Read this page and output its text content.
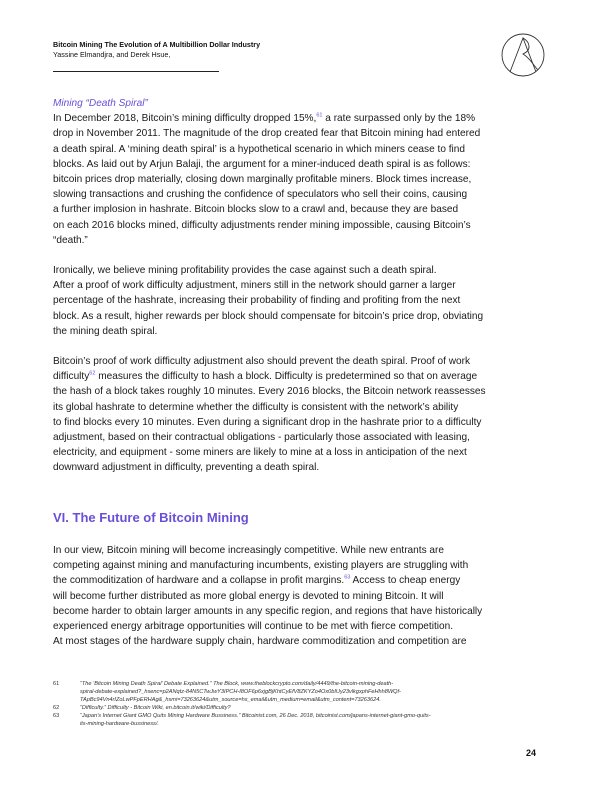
Bitcoin Mining The Evolution of A Multibillion Dollar Industry
Yassine Elmandjra, and Derek Hsue,
Mining “Death Spiral”

In December 2018, Bitcoin’s mining difficulty dropped 15%,$^{61}$ a rate surpassed only by the 18%
drop in November 2011. The magnitude of the drop created fear that Bitcoin mining had entered
a death spiral. A ‘mining death spiral’ is a hypothetical scenario in which miners cease to find
blocks. As laid out by Arjun Balaji, the argument for a miner-induced death spiral is as follows:
bitcoin prices drop materially, closing down marginally profitable miners. Block times increase,
slowing transactions and crushing the confidence of speculators who sell their coins, causing
a further implosion in hashrate. Bitcoin blocks slow to a crawl and, because they are based
on each 2016 blocks mined, difficulty adjustments render mining impossible, causing Bitcoin’s
“death.”

Ironically, we believe mining profitability provides the case against such a death spiral.
After a proof of work difficulty adjustment, miners still in the network should garner a larger
percentage of the hashrate, increasing their probability of finding and profiting from the next
block. As a result, higher rewards per block should compensate for bitcoin’s price drop, obviating
the mining death spiral.

Bitcoin’s proof of work difficulty adjustment also should prevent the death spiral. Proof of work
difficulty$^{62}$ measures the difficulty to hash a block. Difficulty is predetermined so that on average
the hash of a block takes roughly 10 minutes. Every 2016 blocks, the Bitcoin network reassesses
its global hashrate to determine whether the difficulty is consistent with the network’s ability
to find blocks every 10 minutes. Even during a significant drop in the hashrate prior to a difficulty
adjustment, based on their contractual obligations - particularly those associated with leasing,
electricity, and equipment - some miners are likely to mine at a loss in anticipation of the next
downward adjustment in difficulty, preventing a death spiral.

VI. The Future of Bitcoin Mining

In our view, Bitcoin mining will become increasingly competitive. While new entrants are
competing against mining and manufacturing incumbents, existing players are struggling with
the commoditization of hardware and a collapse in profit margins.$^{63}$ Access to cheap energy
will become further distributed as more global energy is devoted to mining Bitcoin. It will
become harder to obtain larger amounts in any specific region, and regions that have historically
experienced energy arbitrage opportunities will continue to be met with fierce competition.
At most stages of the hardware supply chain, hardware commoditization and competition are

61	“The ‘Bitcoin Mining Death Spiral’ Debate Explained.” The Block, www.theblockcrypto.com/daily/4449/the-bitcoin-mining-death-
spiral-debate-explained?_hsenc=p2ANqtz-84N5CTwJwY3IPCH-I8OF6p6xjgBjKhtCyEfV8ZKYZo4Ox0bIUy23vlkgxphFeHhh8WQf-
TApBc94Vn4rIZoLwPFpERHAg&_hsmi=73263624&utm_source=hs_email&utm_medium=email&utm_content=73263624.
62	“Difficulty.” Difficulty - Bitcoin Wiki, en.bitcoin.it/wiki/Difficulty?
63	“Japan’s Internet Giant GMO Quits Mining Hardware Bussiness.” Bitcoinist.com, 26 Dec. 2018, bitcoinist.com/japans-internet-giant-gmo-quits-
its-mining-hardware-bussiness/.
24
